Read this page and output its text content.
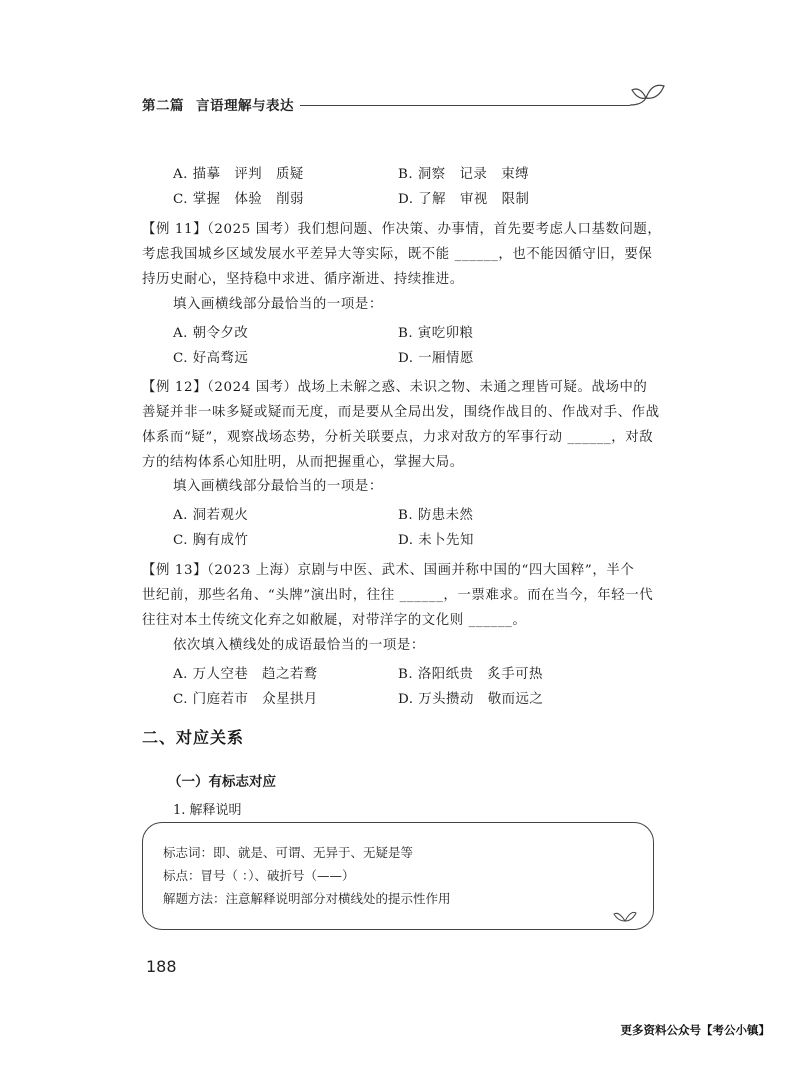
第二篇 言语理解与表达
A. 描摹　评判　质疑	B. 洞察　记录　束缚
C. 掌握　体验　削弱	D. 了解　审视　限制
【例 11】（2025 国考）我们想问题、作决策、办事情，首先要考虑人口基数问题，
考虑我国城乡区域发展水平差异大等实际，既不能 ______，也不能因循守旧，要保
持历史耐心，坚持稳中求进、循序渐进、持续推进。
填入画横线部分最恰当的一项是：
A. 朝令夕改	B. 寅吃卯粮
C. 好高骛远	D. 一厢情愿
【例 12】（2024 国考）战场上未解之惑、未识之物、未通之理皆可疑。战场中的
善疑并非一味多疑或疑而无度，而是要从全局出发，围绕作战目的、作战对手、作战
体系而“疑”，观察战场态势，分析关联要点，力求对敌方的军事行动 ______，对敌
方的结构体系心知肚明，从而把握重心，掌握大局。
填入画横线部分最恰当的一项是：
A. 洞若观火	B. 防患未然
C. 胸有成竹	D. 未卜先知
【例 13】（2023 上海）京剧与中医、武术、国画并称中国的“四大国粹”，半个
世纪前，那些名角、“头牌”演出时，往往 ______，一票难求。而在当今，年轻一代
往往对本土传统文化弃之如敝屣，对带洋字的文化则 ______。
依次填入横线处的成语最恰当的一项是：
A. 万人空巷　趋之若鹜	B. 洛阳纸贵　炙手可热
C. 门庭若市　众星拱月	D. 万头攒动　敬而远之
二、对应关系
（一）有标志对应
1. 解释说明
标志词：即、就是、可谓、无异于、无疑是等
标点：冒号（ ：）、破折号（——）
解题方法：注意解释说明部分对横线处的提示性作用
188
更多资料公众号【考公小镇】
